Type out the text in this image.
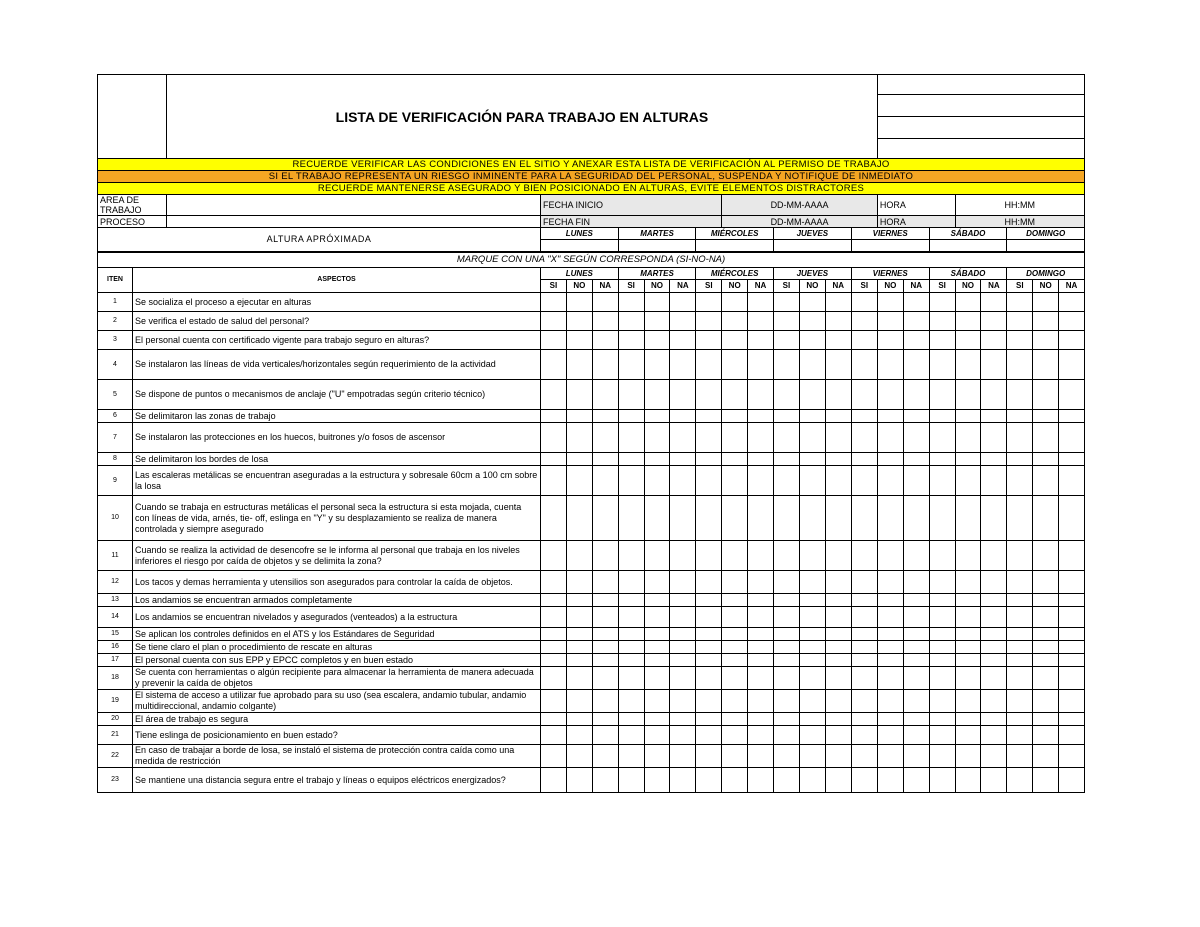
		LISTA DE VERIFICACIÓN PARA TRABAJO EN ALTURAS																					

RECUERDE VERIFICAR LAS CONDICIONES EN EL SITIO Y ANEXAR ESTA LISTA DE VERIFICACIÓN AL PERMISO DE TRABAJO																							
SI EL TRABAJO REPRESENTA UN RIESGO INMINENTE PARA LA SEGURIDAD DEL PERSONAL, SUSPENDA Y NOTIFIQUE DE INMEDIATO																							
RECUERDE MANTENERSE ASEGURADO Y BIEN POSICIONADO EN ALTURAS, EVITE ELEMENTOS DISTRACTORES																							
AREA DE TRABAJO			FECHA INICIO							DD-MM-AAAA						HORA			HH:MM				
PROCESO			FECHA FIN							DD-MM-AAAA						HORA			HH:MM				
ALTURA APRÓXIMADA			LUNES			MARTES			MIÉRCOLES			JUEVES			VIERNES			SÁBADO			DOMINGO		

MARQUE CON UNA "X" SEGÚN CORRESPONDA (SI-NO-NA)																							
ITEN	ASPECTOS		LUNES			MARTES			MIÉRCOLES			JUEVES			VIERNES			SÁBADO			DOMINGO		
			SI	NO	NA	SI	NO	NA	SI	NO	NA	SI	NO	NA	SI	NO	NA	SI	NO	NA	SI	NO	NA
1	Se socializa el proceso a ejecutar en alturas																						
2	Se verifica el estado de salud del personal?																						
3	El personal cuenta con certificado vigente para trabajo seguro en alturas?																						
4	Se instalaron las líneas de vida verticales/horizontales según requerimiento de la actividad																						
5	Se dispone de puntos o mecanismos de anclaje ("U" empotradas según criterio técnico)																						
6	Se delimitaron las zonas de trabajo																						
7	Se instalaron las protecciones en los huecos, buitrones y/o fosos de ascensor																						
8	Se delimitaron los bordes de losa																						
9	Las escaleras metálicas se encuentran aseguradas a la estructura y sobresale 60cm a 100 cm sobre la losa																						
10	Cuando se trabaja en estructuras metálicas el personal seca la estructura si esta mojada, cuenta con líneas de vida, arnés, tie- off, eslinga en "Y" y su desplazamiento se realiza de manera controlada y siempre asegurado																						
11	Cuando se realiza la actividad de desencofre se le informa al personal que trabaja en los niveles inferiores el riesgo por caída de objetos y se delimita la zona?																						
12	Los tacos y demas herramienta y utensilios son asegurados para controlar la caída de objetos.																						
13	Los andamios se encuentran armados completamente																						
14	Los andamios se encuentran nivelados y asegurados (venteados) a la estructura																						
15	Se aplican los controles definidos en el ATS y los Estándares de Seguridad																						
16	Se tiene claro el plan o procedimiento de rescate en alturas																						
17	El personal cuenta con sus EPP y EPCC completos y en buen estado																						
18	Se cuenta con herramientas o algún recipiente para almacenar la herramienta de manera adecuada y prevenir la caída de objetos																						
19	El sistema de acceso a utilizar fue aprobado para su uso (sea escalera, andamio tubular, andamio multidireccional, andamio colgante)																						
20	El área de trabajo es segura																						
21	Tiene eslinga de posicionamiento en buen estado?																						
22	En caso de trabajar a borde de losa, se instaló el sistema de protección contra caída como una medida de restricción																						
23	Se mantiene una distancia segura entre el trabajo y líneas o equipos eléctricos energizados?																						
